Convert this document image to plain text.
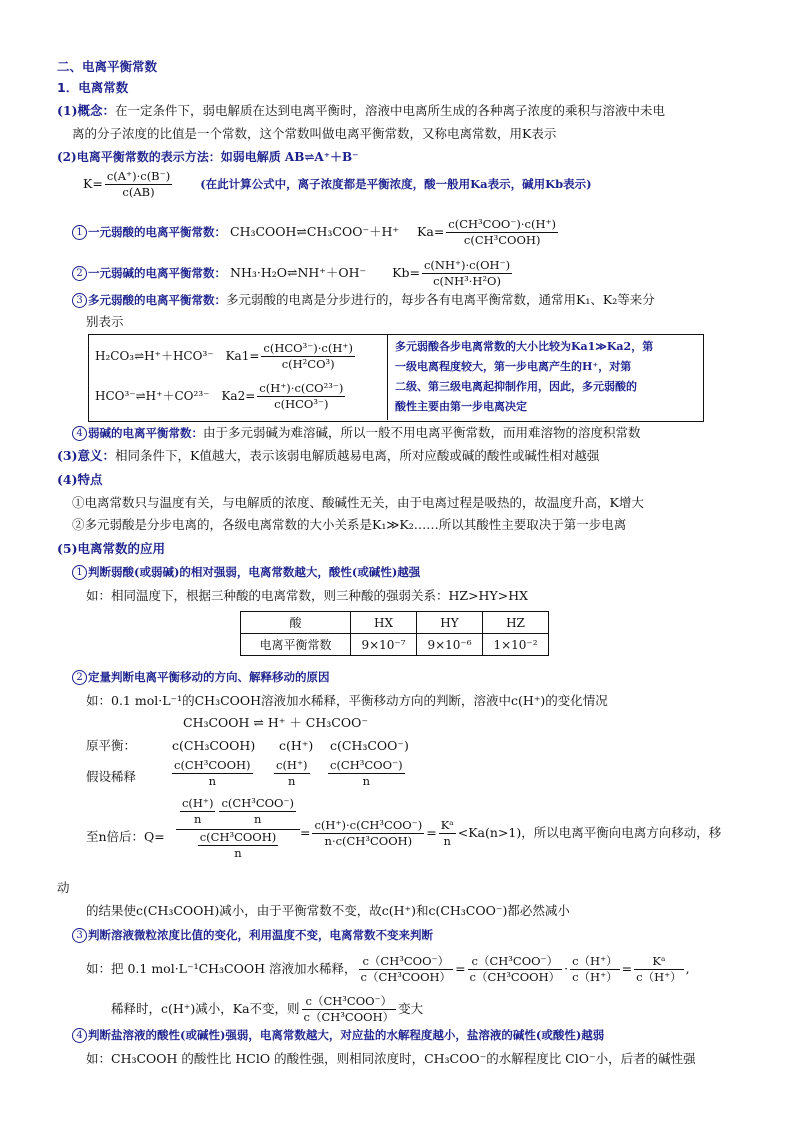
二、电离平衡常数
1．电离常数
(1)概念：在一定条件下，弱电解质在达到电离平衡时，溶液中电离所生成的各种离子浓度的乘积与溶液中未电
离的分子浓度的比值是一个常数，这个常数叫做电离平衡常数，又称电离常数，用K表示
(2)电离平衡常数的表示方法：如弱电解质 AB⇌A⁺＋B⁻
$K= \frac{c(A^+)\cdot c(B^-)}{c(AB)}$ (在此计算公式中，离子浓度都是平衡浓度，酸一般用Ka表示，碱用Kb表示)
1 一元弱酸的电离平衡常数： CH₃COOH⇌CH₃COO⁻＋H⁺ $Ka= \frac{\text{c(CH³COO⁻)·c(H⁺)}}{\text{c(CH³COOH)}}$
2 一元弱碱的电离平衡常数： NH₃·H₂O⇌NH⁺＋OH⁻ $Kb= \frac{c(NH^+)\cdot c(OH^-)}{\text{c(NH³·H²O)}}$
3 多元弱酸的电离平衡常数：多元弱酸的电离是分步进行的，每步各有电离平衡常数，通常用K₁、K₂等来分
别表示
H₂CO₃⇌H⁺＋HCO³⁻ $Ka1= \frac{\text{c(HCO³⁻)·c(H⁺)}}{\text{c(H²CO³)}}$
HCO³⁻⇌H⁺＋CO²³⁻ $Ka2= \frac{\text{c(H⁺)·c(CO²³⁻)}}{\text{c(HCO³⁻)}}$
多元弱酸各步电离常数的大小比较为Ka1≫Ka2，第
一级电离程度较大，第一步电离产生的H⁺，对第
二级、第三级电离起抑制作用，因此，多元弱酸的
酸性主要由第一步电离决定
4 弱碱的电离平衡常数：由于多元弱碱为难溶碱，所以一般不用电离平衡常数，而用难溶物的溶度积常数
(3)意义：相同条件下，K值越大，表示该弱电解质越易电离，所对应酸或碱的酸性或碱性相对越强
(4)特点
①电离常数只与温度有关，与电解质的浓度、酸碱性无关，由于电离过程是吸热的，故温度升高，K增大
②多元弱酸是分步电离的，各级电离常数的大小关系是K₁≫K₂……所以其酸性主要取决于第一步电离
(5)电离常数的应用
1 判断弱酸(或弱碱)的相对强弱，电离常数越大，酸性(或碱性)越强
如：相同温度下，根据三种酸的电离常数，则三种酸的强弱关系：HZ>HY>HX
酸	HX	HY	HZ
电离平衡常数	9×10⁻⁷	9×10⁻⁶	1×10⁻²
2 定量判断电离平衡移动的方向、解释移动的原因
如：0.1 mol·L⁻¹的CH₃COOH溶液加水稀释，平衡移动方向的判断，溶液中c(H⁺)的变化情况
CH₃COOH ⇌ H⁺ ＋ CH₃COO⁻
原平衡：	c(CH₃COOH) c(H⁺) c(CH₃COO⁻)
假设稀释	$\frac{\text{c(CH³COOH)}}{n} \frac{c(H^+)}{n} \frac{\text{c(CH³COO⁻)}}{n}$
至n倍后：Q=
$\frac{c(H^+)}{n} \frac{\text{c(CH³COO⁻)}}{n}$
$\frac{\text{c(CH³COOH)}}{n} = \frac{\text{c(H⁺)·c(CH³COO⁻)}}{\text{n·c(CH³COOH)}} = \frac{\text{Kᵃ}}{n} <Ka(n>1)$，所以电离平衡向电离方向移动，移
动
的结果使c(CH₃COOH)减小，由于平衡常数不变，故c(H⁺)和c(CH₃COO⁻)都必然减小
3 判断溶液微粒浓度比值的变化，利用温度不变，电离常数不变来判断
如：把 0.1 mol·L⁻¹CH₃COOH 溶液加水稀释， $\frac{\text{c（CH³COO⁻）}}{\text{c（CH³COOH）}} = \frac{\text{c（CH³COO⁻）}}{\text{c（CH³COOH）}} \cdot \frac{c(H^+)}{c(H^+)} = \frac{\text{Kᵃ}}{c(H^+)}$ ,
稀释时，c(H⁺)减小，Ka不变，则 $\frac{\text{c（CH³COO⁻）}}{\text{c（CH³COOH）}}$ 变大
4 判断盐溶液的酸性(或碱性)强弱，电离常数越大，对应盐的水解程度越小，盐溶液的碱性(或酸性)越弱
如：CH₃COOH 的酸性比 HClO 的酸性强，则相同浓度时，CH₃COO⁻的水解程度比 ClO⁻小，后者的碱性强
